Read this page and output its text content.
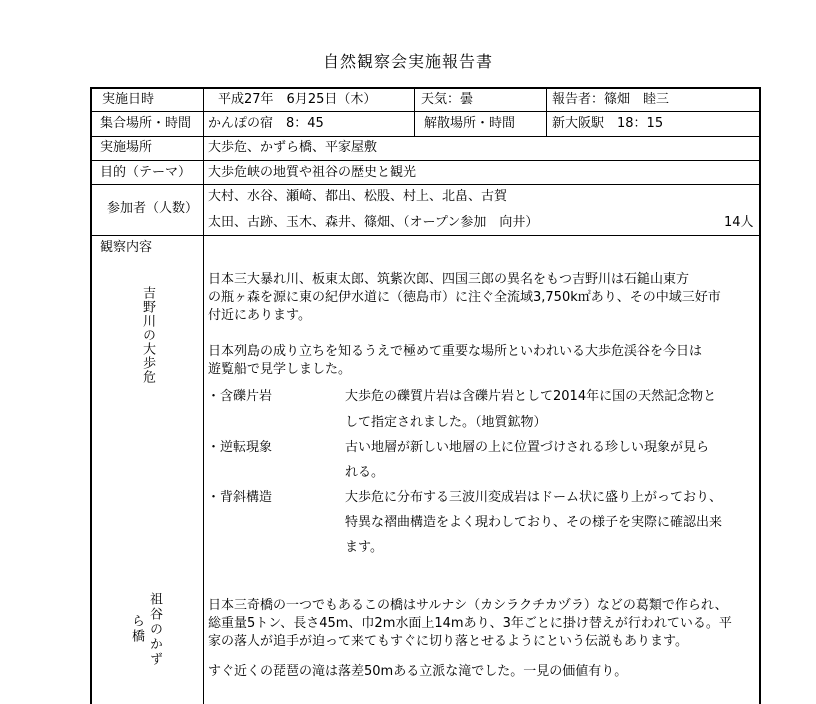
自然観察会実施報告書
実施日時	平成27年　6月25日（木）	天気：曇	報告者：篠畑　睦三
集合場所・時間 かんぽの宿　8：45	解散場所・時間	新大阪駅　18：15
実施場所	大歩危、かずら橋、平家屋敷
目的（テーマ） 大歩危峡の地質や祖谷の歴史と観光
参加者（人数）
大村、水谷、瀬崎、都出、松股、村上、北畠、古賀
太田、古跡、玉木、森井、篠畑、（オープン参加　向井）	14人
観察内容
吉野川の大歩危
日本三大暴れ川、板東太郎、筑紫次郎、四国三郎の異名をもつ吉野川は石鎚山東方
の瓶ヶ森を源に東の紀伊水道に（徳島市）に注ぐ全流域3,750k㎡あり、その中域三好市
付近にあります。
日本列島の成り立ちを知るうえで極めて重要な場所といわれいる大歩危渓谷を今日は
遊覧船で見学しました。
・含礫片岩	大歩危の礫質片岩は含礫片岩として2014年に国の天然記念物と
して指定されました。（地質鉱物）
・逆転現象	古い地層が新しい地層の上に位置づけされる珍しい現象が見ら
れる。
・背斜構造	大歩危に分布する三波川変成岩はドーム状に盛り上がっており、
特異な褶曲構造をよく現わしており、その様子を実際に確認出来
ます。
祖谷のかず
ら橋
日本三奇橋の一つでもあるこの橋はサルナシ（カシラクチカヅラ）などの葛類で作られ、
総重量5トン、長さ45m、巾2m水面上14mあり、3年ごとに掛け替えが行われている。平
家の落人が追手が迫って来てもすぐに切り落とせるようにという伝説もあります。
すぐ近くの琵琶の滝は落差50mある立派な滝でした。一見の価値有り。
